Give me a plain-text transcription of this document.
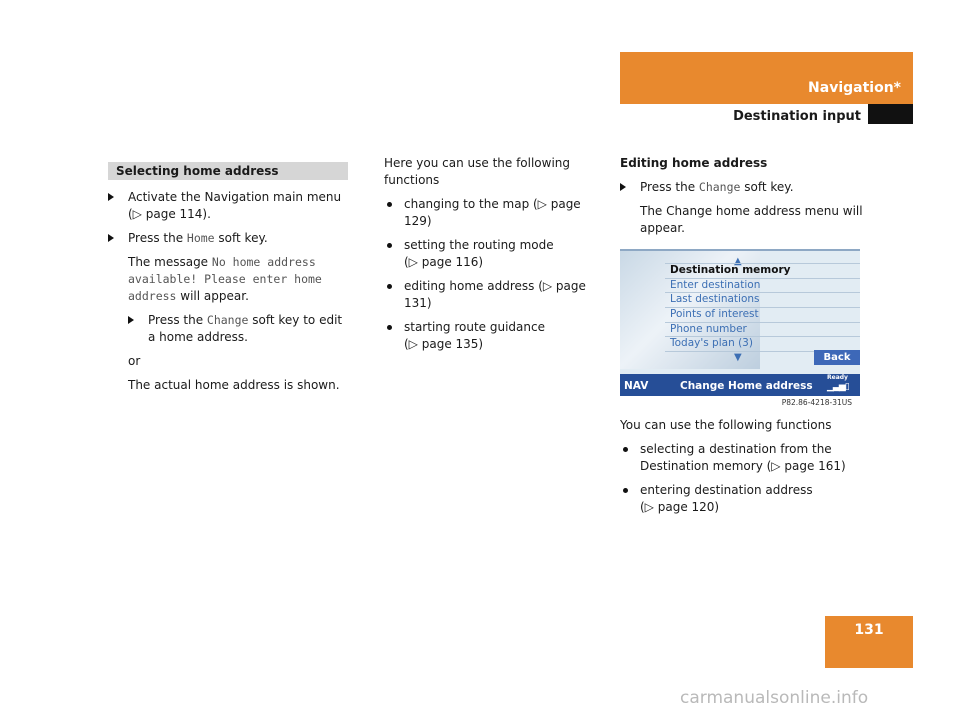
Navigation*
Destination input
Selecting home address
Activate the Navigation main menu
(▷ page 114).
Press the Home soft key.
The message No home address
available! Please enter home
address will appear.
Press the Change soft key to edit a home address.
or
The actual home address is shown.
Here you can use the following functions
changing to the map (▷ page 129)
setting the routing mode
(▷ page 116)
editing home address (▷ page 131)
starting route guidance
(▷ page 135)
Editing home address
Press the Change soft key.
The Change home address menu will appear.
▲
Destination memory
Enter destination
Last destinations
Points of interest
Phone number
Today's plan (3)
▼	Back
NAV	Change Home address
Ready
▁▃▅▯
P82.86-4218-31US
You can use the following functions
selecting a destination from the
Destination memory (▷ page 161)
entering destination address
(▷ page 120)
131
carmanualsonline.info
